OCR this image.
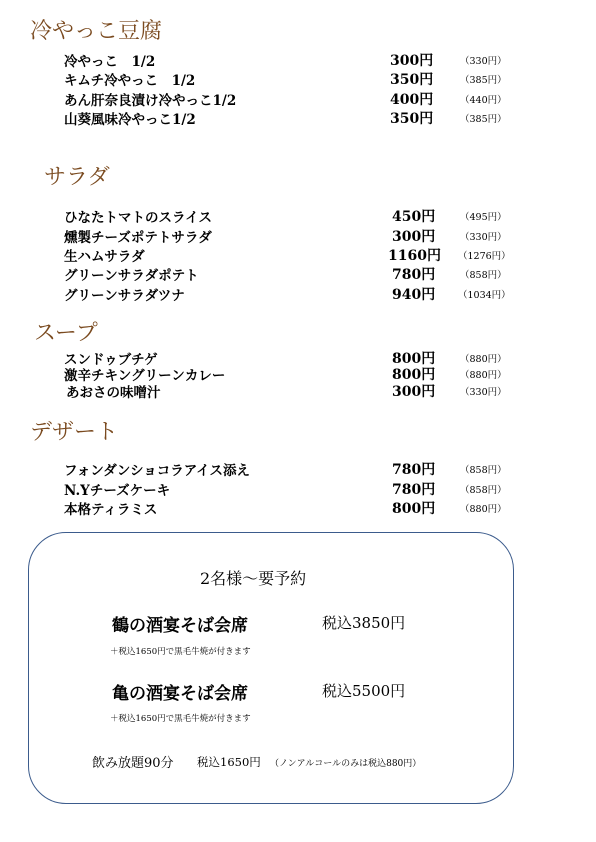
冷やっこ豆腐
冷やっこ　1/2	300円	（330円）
キムチ冷やっこ　1/2	350円	（385円）
あん肝奈良漬け冷やっこ1/2	400円	（440円）
山葵風味冷やっこ1/2	350円	（385円）
サラダ
ひなたトマトのスライス	450円	（495円）
燻製チーズポテトサラダ	300円	（330円）
生ハムサラダ	1160円 （1276円）
グリーンサラダポテト	780円	（858円）
グリーンサラダツナ	940円 （1034円）
スープ
スンドゥブチゲ	800円	（880円）
激辛チキングリーンカレー	800円	（880円）
あおさの味噌汁	300円	（330円）
デザート
フォンダンショコラアイス添え	780円	（858円）
N.Yチーズケーキ	780円	（858円）
本格ティラミス	800円	（880円）
2名様～要予約
鶴の酒宴そば会席	税込3850円
＋税込1650円で黒毛牛焼が付きます
亀の酒宴そば会席	税込5500円
＋税込1650円で黒毛牛焼が付きます
飲み放題90分 税込1650円 （ノンアルコールのみは税込880円）
